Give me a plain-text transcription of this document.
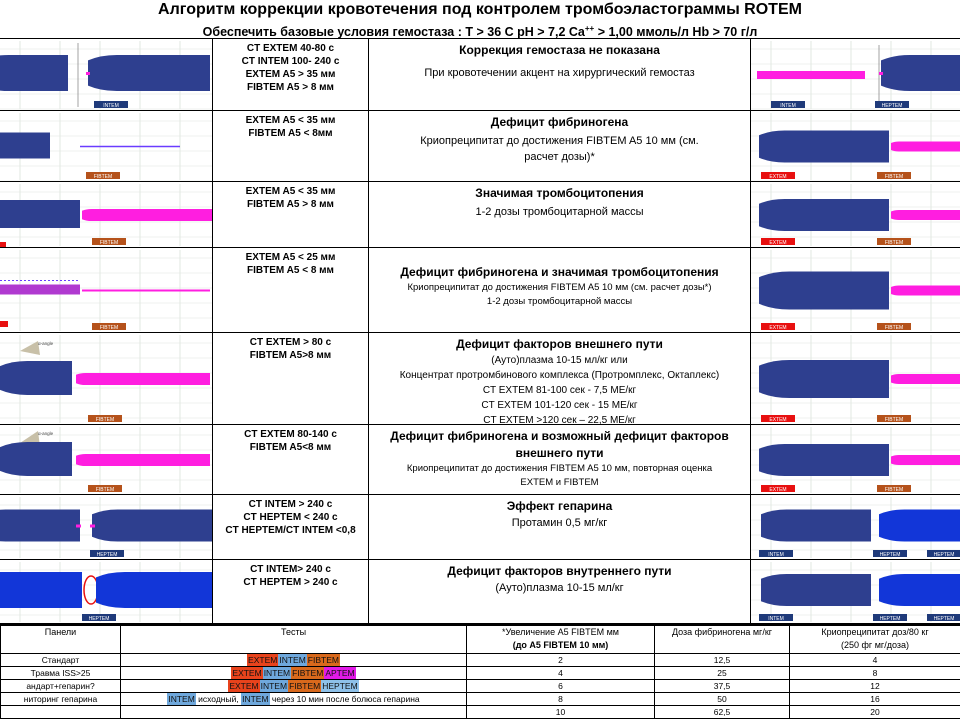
Алгоритм коррекции кровотечения под контролем тромбоэластограммы ROTEM
Обеспечить базовые условия гемостаза : T > 36 C pH > 7,2 Ca++ > 1,00 ммоль/л Hb > 70 г/л
INTEM
CT EXTEM 40-80 c
CT INTEM 100- 240 c
EXTEM A5 > 35 мм
FIBTEM A5 > 8 мм
Коррекция гемостаза не показана
При кровотечении акцент на хирургический гемостаз
INTEM	HEPTEM
FIBTEM
EXTEM A5 < 35 мм
FIBTEM A5 < 8мм
Дефицит фибриногена
Криопреципитат до достижения FIBTEM A5 10 мм (см.
расчет дозы)*
EXTEM	FIBTEM
FIBTEM
EXTEM A5 < 35 мм
FIBTEM A5 > 8 мм
Значимая тромбоцитопения
1-2 дозы тромбоцитарной массы
EXTEM	FIBTEM
FIBTEM
EXTEM A5 < 25 мм
FIBTEM A5 < 8 мм	Дефицит фибриногена и значимая тромбоцитопения
Криопреципитат до достижения FIBTEM A5 10 мм (см. расчет дозы*)
1-2 дозы тромбоцитарной массы
EXTEM	FIBTEM
α-angle
FIBTEM
CT EXTEM > 80 c
FIBTEM A5>8 мм
Дефицит факторов внешнего пути
(Ауто)плазма 10-15 мл/кг или
Концентрат протромбинового комплекса (Протромплекс, Октаплекс)
CT EXTEM 81-100 сек - 7,5 МЕ/кг
CT EXTEM 101-120 сек - 15 МЕ/кг
CT EXTEM >120 сек – 22,5 МЕ/кг	EXTEM	FIBTEM
α-angle
FIBTEM
CT EXTEM 80-140 c
FIBTEM A5<8 мм
Дефицит фибриногена и возможный дефицит факторов внешнего пути
Криопреципитат до достижения FIBTEM A5 10 мм, повторная оценка
EXTEM и FIBTEM
EXTEM	FIBTEM
HEPTEM
CT INTEM > 240 c
CT HEPTEM < 240 c
CT HEPTEM/CT INTEM <0,8
Эффект гепарина
Протамин 0,5 мг/кг
INTEM	HEPTEM	HEPTEM
HEPTEM
CT INTEM> 240 c
CT HEPTEM > 240 c
Дефицит факторов внутреннего пути
(Ауто)плазма 10-15 мл/кг
INTEM	HEPTEM	HEPTEM
Панели	Тесты	*Увеличение A5 FIBTEM мм
(до A5 FIBTEM 10 мм)	Доза фибриногена мг/кг	Криопреципитат доз/80 кг
(250 фг мг/доза)
Стандарт	EXTEM INTEM FIBTEM	2	12,5	4
Травма ISS>25	EXTEM INTEM FIBTEM APTEM	4	25	8
андарт+гепарин?	EXTEM INTEM FIBTEM HEPTEM	6	37,5	12
ниторинг гепарина	INTEM исходный, INTEM через 10 мин после болюса гепарина	8	50	16
		10	62,5	20
